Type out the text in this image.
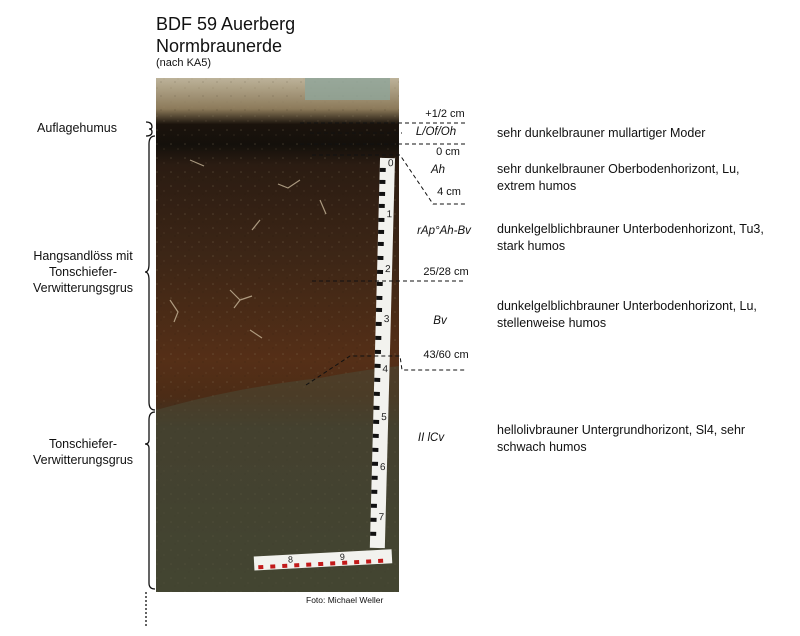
BDF 59 Auerberg
Normbraunerde
(nach KA5)
0
1
2
3
4
5
6
7
8	9
Auflagehumus
Hangsandlöss mit
Tonschiefer-
Verwitterungsgrus
Tonschiefer-
Verwitterungsgrus
+1/2 cm
L/Of/Oh
0 cm
Ah
4 cm
rAp°Ah-Bv
25/28 cm
Bv
43/60 cm
II lCv
sehr dunkelbrauner mullartiger Moder
sehr dunkelbrauner Oberbodenhorizont, Lu,
extrem humos
dunkelgelblichbrauner Unterbodenhorizont, Tu3,
stark humos
dunkelgelblichbrauner Unterbodenhorizont, Lu,
stellenweise humos
hellolivbrauner Untergrundhorizont, Sl4, sehr
schwach humos
Foto: Michael Weller
